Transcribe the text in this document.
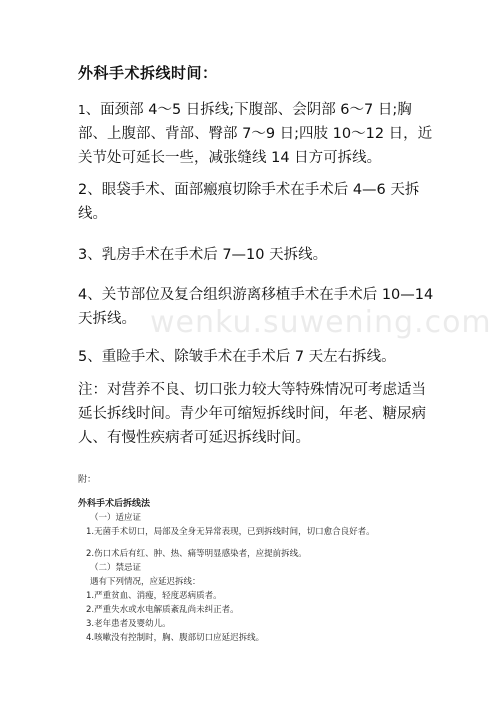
外科手术拆线时间：

1、面颈部 4～5 日拆线;下腹部、会阴部 6～7 日;胸部、上腹部、背部、臀部 7～9 日;四肢 10～12 日，近关节处可延长一些，减张缝线 14 日方可拆线。

2、眼袋手术、面部瘢痕切除手术在手术后 4—6 天拆线。

3、乳房手术在手术后 7—10 天拆线。

4、关节部位及复合组织游离移植手术在手术后 10—14 天拆线。 wenku.suwening.com

5、重睑手术、除皱手术在手术后 7 天左右拆线。

注：对营养不良、切口张力较大等特殊情况可考虑适当延长拆线时间。青少年可缩短拆线时间，年老、糖尿病人、有慢性疾病者可延迟拆线时间。

附：
外科手术后拆线法
（一）适应证
1.无菌手术切口，局部及全身无异常表现，已到拆线时间，切口愈合良好者。
2.伤口术后有红、肿、热、痛等明显感染者，应提前拆线。
（二）禁忌证
遇有下列情况，应延迟拆线：
1.严重贫血、消瘦，轻度恶病质者。
2.严重失水或水电解质紊乱尚未纠正者。
3.老年患者及婴幼儿。
4.咳嗽没有控制时，胸、腹部切口应延迟拆线。
